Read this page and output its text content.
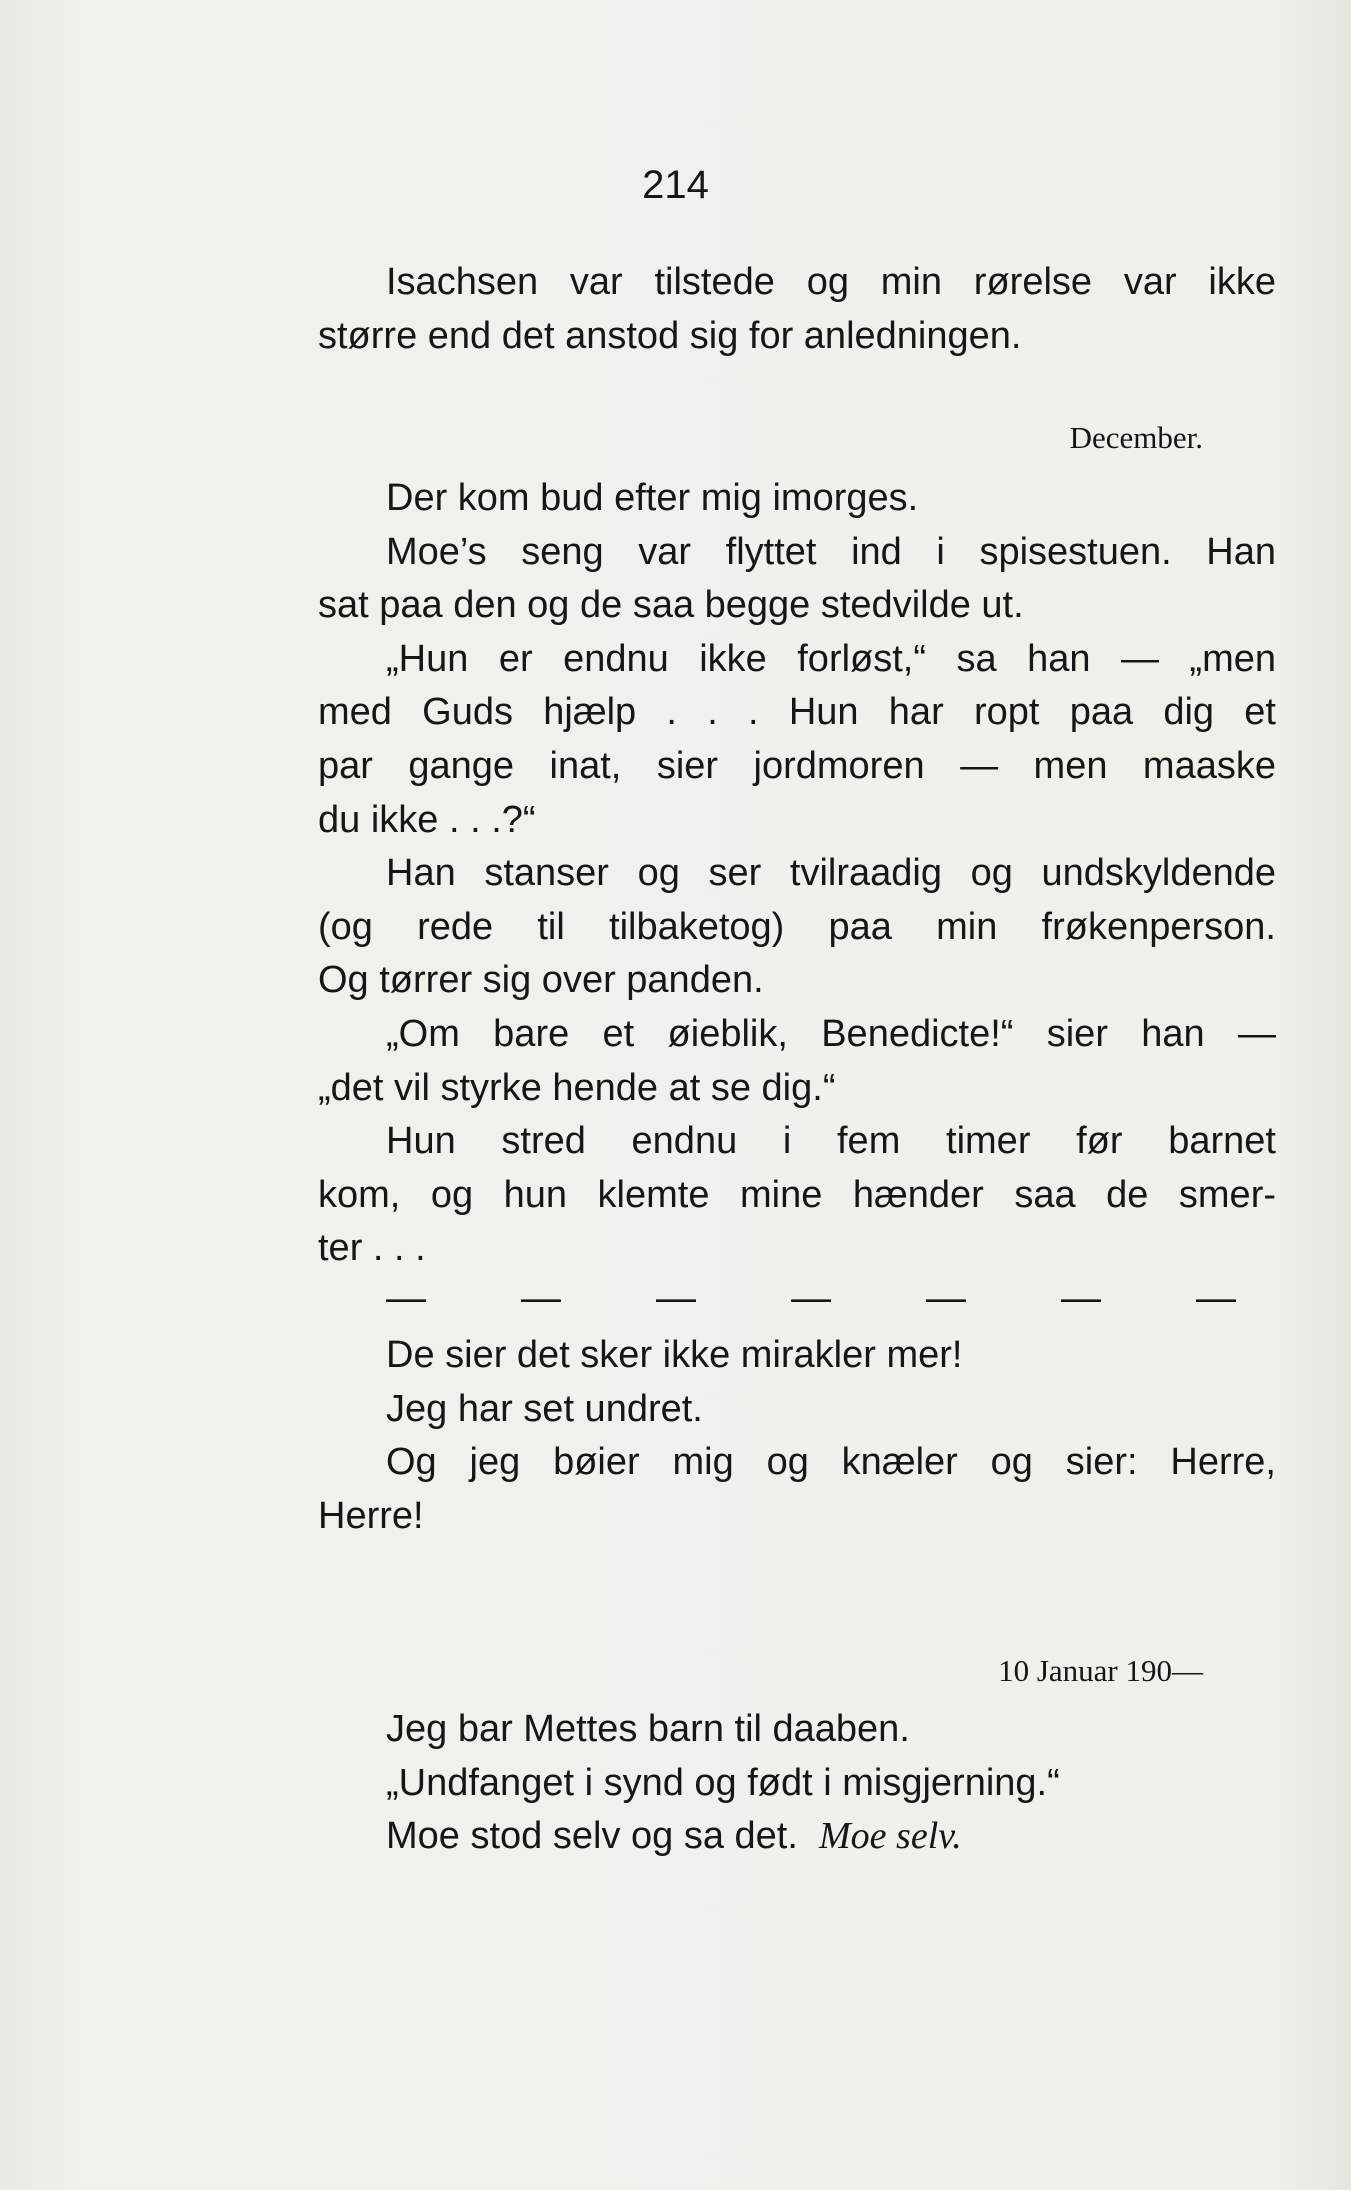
214
Isachsen var tilstede og min rørelse var ikke
større end det anstod sig for anledningen.
December.
Der kom bud efter mig imorges.
Moe’s seng var flyttet ind i spisestuen. Han
sat paa den og de saa begge stedvilde ut.
„Hun er endnu ikke forløst,“ sa han — „men
med Guds hjælp . . . Hun har ropt paa dig et
par gange inat, sier jordmoren — men maaske
du ikke . . .?“
Han stanser og ser tvilraadig og undskyldende
(og rede til tilbaketog) paa min frøkenperson.
Og tørrer sig over panden.
„Om bare et øieblik, Benedicte!“ sier han —
„det vil styrke hende at se dig.“
Hun stred endnu i fem timer før barnet
kom, og hun klemte mine hænder saa de smer-
ter . . .
— — — — — — —
De sier det sker ikke mirakler mer!
Jeg har set undret.
Og jeg bøier mig og knæler og sier: Herre,
Herre!
10 Januar 190—
Jeg bar Mettes barn til daaben.
„Undfanget i synd og født i misgjerning.“
Moe stod selv og sa det. Moe selv.
